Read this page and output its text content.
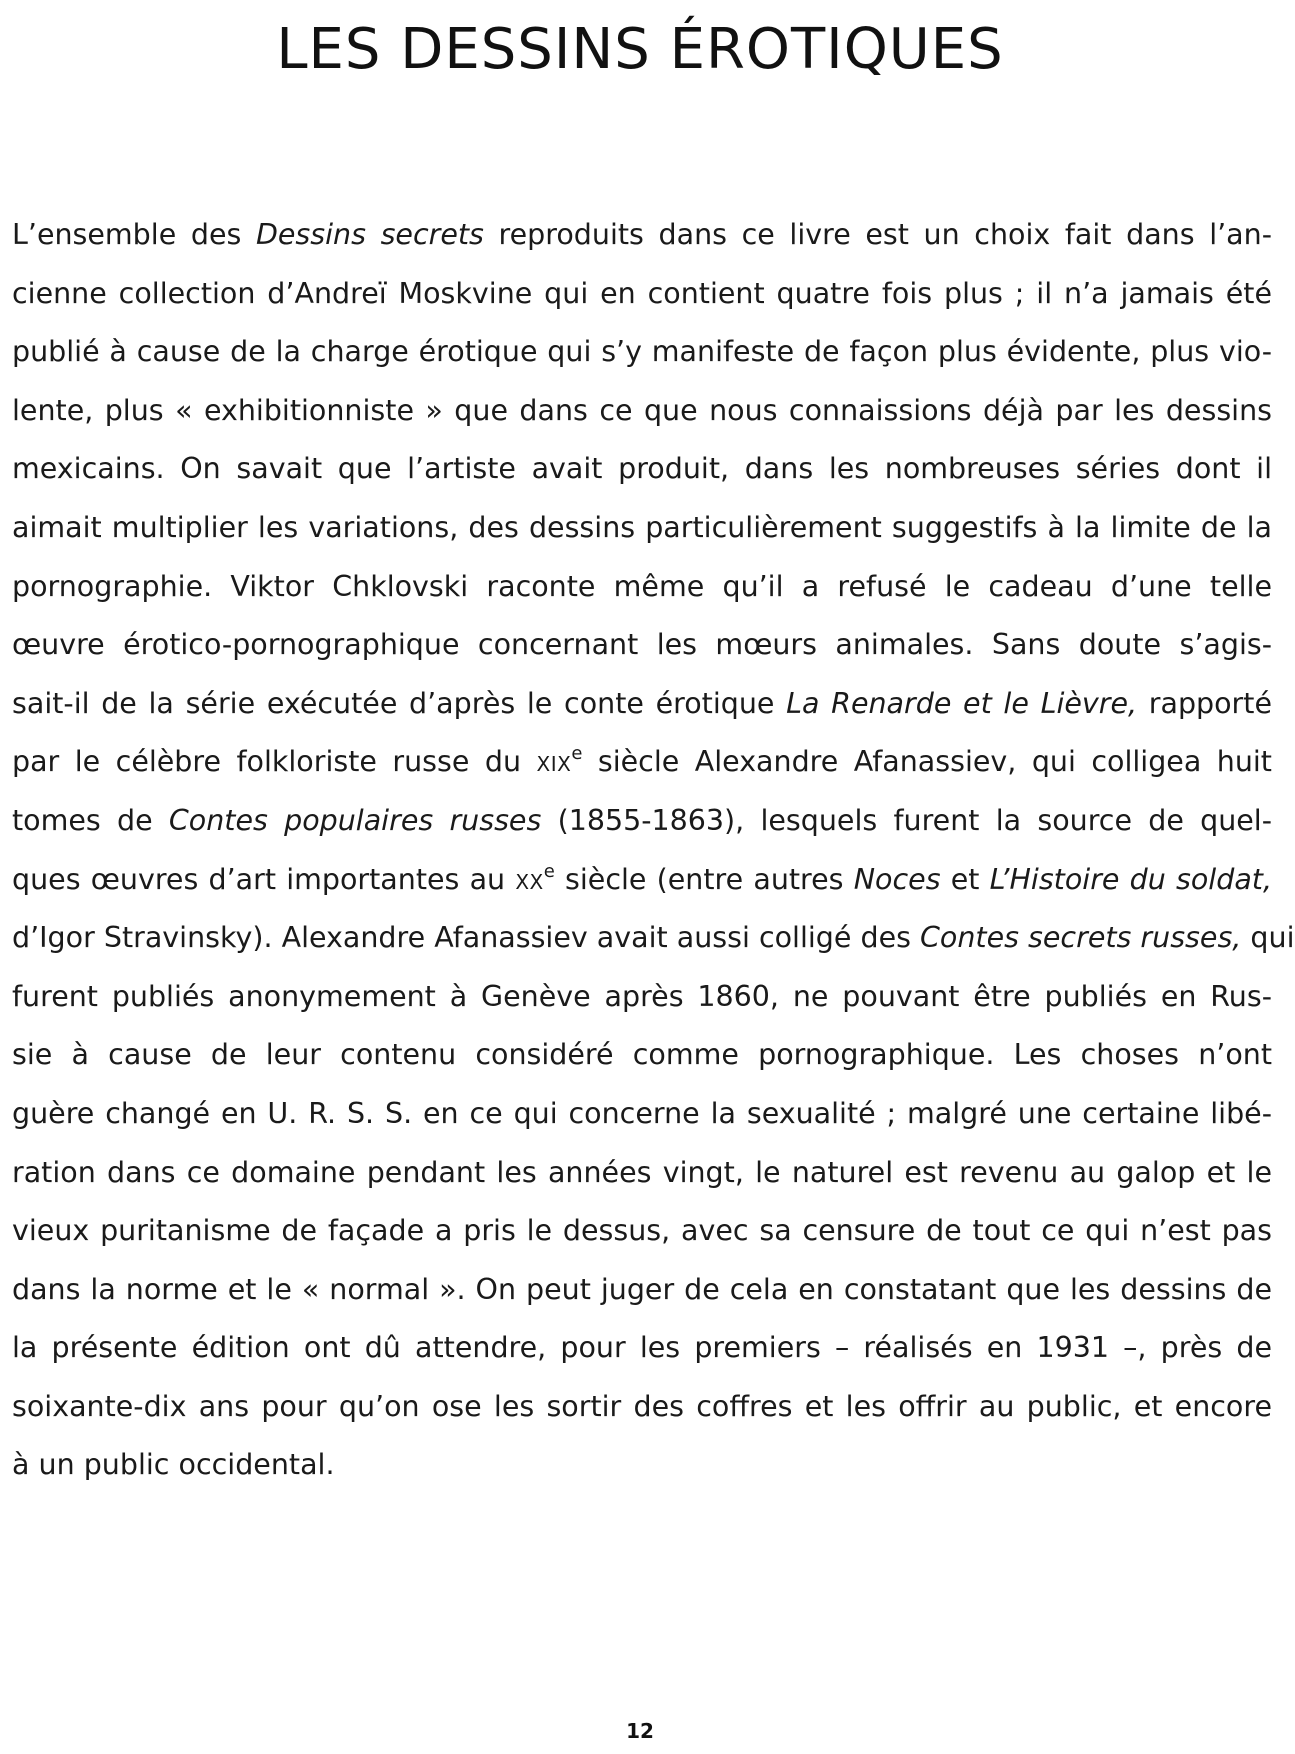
LES DESSINS ÉROTIQUES
L’ensemble des Dessins secrets reproduits dans ce livre est un choix fait dans l’an-
cienne collection d’Andreï Moskvine qui en contient quatre fois plus ; il n’a jamais été
publié à cause de la charge érotique qui s’y manifeste de façon plus évidente, plus vio-
lente, plus « exhibitionniste » que dans ce que nous connaissions déjà par les dessins
mexicains. On savait que l’artiste avait produit, dans les nombreuses séries dont il
aimait multiplier les variations, des dessins particulièrement suggestifs à la limite de la
pornographie. Viktor Chklovski raconte même qu’il a refusé le cadeau d’une telle
œuvre érotico-pornographique concernant les mœurs animales. Sans doute s’agis-
sait-il de la série exécutée d’après le conte érotique La Renarde et le Lièvre, rapporté
par le célèbre folkloriste russe du XIXe siècle Alexandre Afanassiev, qui colligea huit
tomes de Contes populaires russes (1855-1863), lesquels furent la source de quel-
ques œuvres d’art importantes au XXe siècle (entre autres Noces et L’Histoire du soldat,
d’Igor Stravinsky). Alexandre Afanassiev avait aussi colligé des Contes secrets russes, qui
furent publiés anonymement à Genève après 1860, ne pouvant être publiés en Rus-
sie à cause de leur contenu considéré comme pornographique. Les choses n’ont
guère changé en U. R. S. S. en ce qui concerne la sexualité ; malgré une certaine libé-
ration dans ce domaine pendant les années vingt, le naturel est revenu au galop et le
vieux puritanisme de façade a pris le dessus, avec sa censure de tout ce qui n’est pas
dans la norme et le « normal ». On peut juger de cela en constatant que les dessins de
la présente édition ont dû attendre, pour les premiers – réalisés en 1931 –, près de
soixante-dix ans pour qu’on ose les sortir des coffres et les offrir au public, et encore
à un public occidental.
12
